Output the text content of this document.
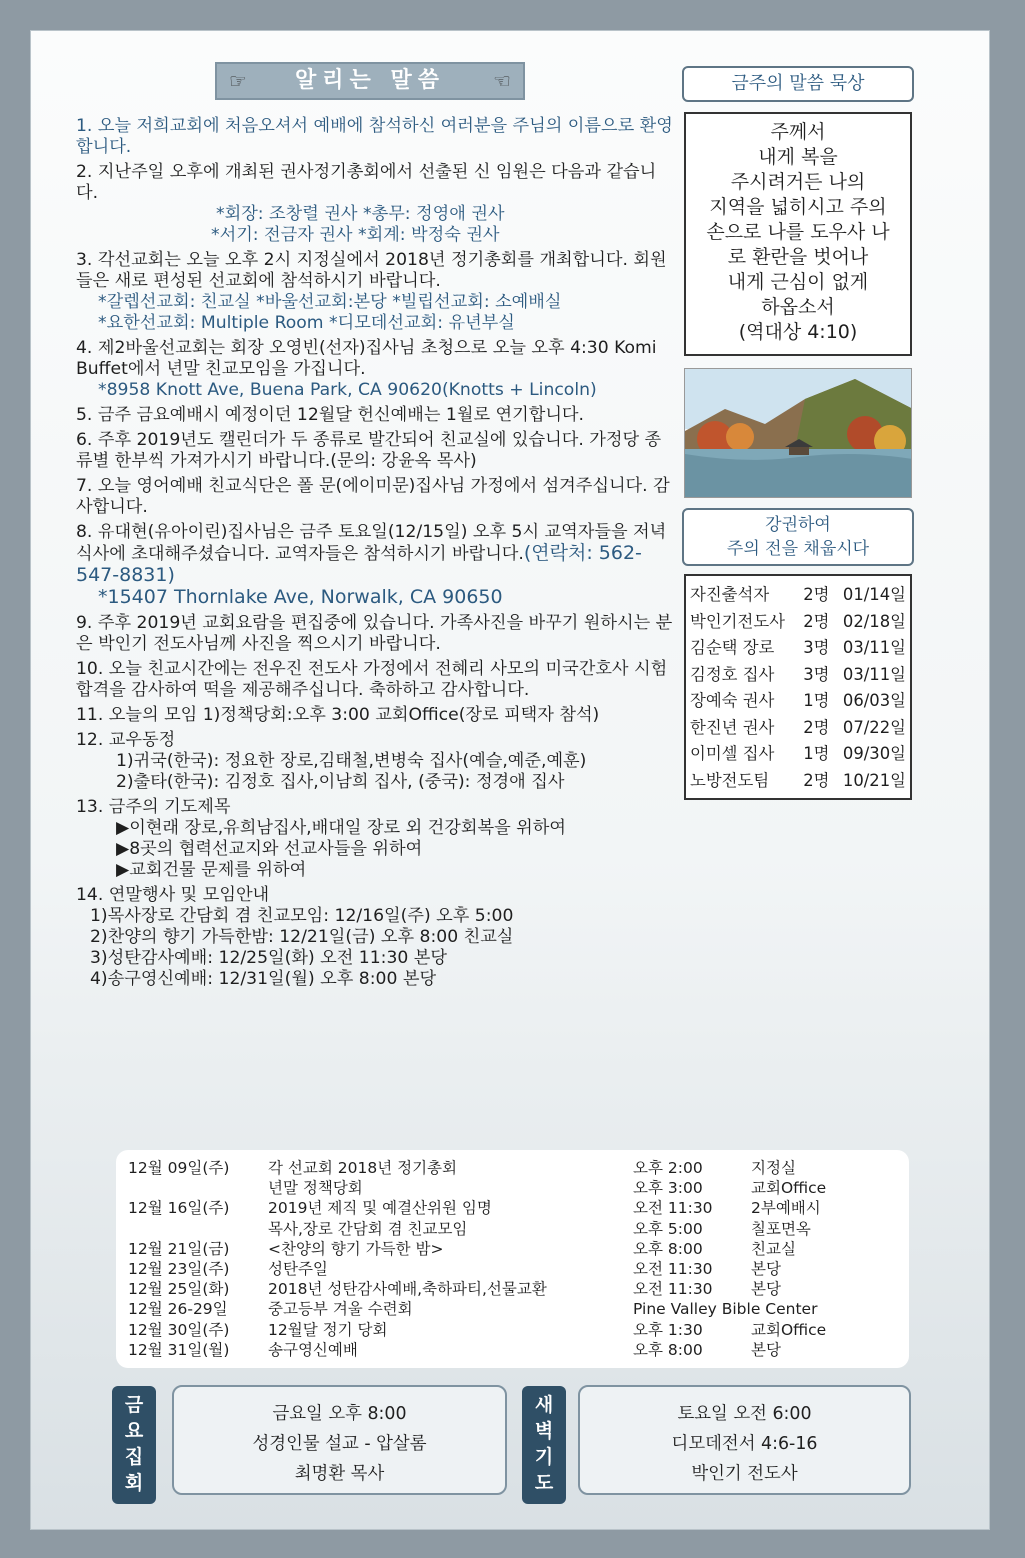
☞ 알리는 말씀 ☜

1. 오늘 저희교회에 처음오셔서 예배에 참석하신 여러분을 주님의 이름으로 환영합니다.

2. 지난주일 오후에 개최된 권사정기총회에서 선출된 신 임원은 다음과 같습니다.
*회장: 조창렬 권사 *총무: 정영애 권사
*서기: 전금자 권사 *회계: 박정숙 권사

3. 각선교회는 오늘 오후 2시 지정실에서 2018년 정기총회를 개최합니다. 회원들은 새로 편성된 선교회에 참석하시기 바랍니다.
*갈렙선교회: 친교실 *바울선교회:본당 *빌립선교회: 소예배실
*요한선교회: Multiple Room *디모데선교회: 유년부실

4. 제2바울선교회는 회장 오영빈(선자)집사님 초청으로 오늘 오후 4:30 Komi Buffet에서 년말 친교모임을 가집니다.
*8958 Knott Ave, Buena Park, CA 90620(Knotts + Lincoln)

5. 금주 금요예배시 예정이던 12월달 헌신예배는 1월로 연기합니다.

6. 주후 2019년도 캘린더가 두 종류로 발간되어 친교실에 있습니다. 가정당 종류별 한부씩 가져가시기 바랍니다.(문의: 강윤옥 목사)

7. 오늘 영어예배 친교식단은 폴 문(에이미문)집사님 가정에서 섬겨주십니다. 감사합니다.

8. 유대현(유아이린)집사님은 금주 토요일(12/15일) 오후 5시 교역자들을 저녁식사에 초대해주셨습니다. 교역자들은 참석하시기 바랍니다.(연락처: 562-547-8831)
*15407 Thornlake Ave, Norwalk, CA 90650

9. 주후 2019년 교회요람을 편집중에 있습니다. 가족사진을 바꾸기 원하시는 분은 박인기 전도사님께 사진을 찍으시기 바랍니다.

10. 오늘 친교시간에는 전우진 전도사 가정에서 전혜리 사모의 미국간호사 시험 합격을 감사하여 떡을 제공해주십니다. 축하하고 감사합니다.

11. 오늘의 모임 1)정책당회:오후 3:00 교회Office(장로 피택자 참석)

12. 교우동정
1)귀국(한국): 정요한 장로,김태철,변병숙 집사(예슬,예준,예훈)
2)출타(한국): 김정호 집사,이남희 집사, (중국): 정경애 집사

13. 금주의 기도제목
▶이현래 장로,유희남집사,배대일 장로 외 건강회복을 위하여
▶8곳의 협력선교지와 선교사들을 위하여
▶교회건물 문제를 위하여

14. 연말행사 및 모임안내
1)목사장로 간담회 겸 친교모임: 12/16일(주) 오후 5:00
2)찬양의 향기 가득한밤: 12/21일(금) 오후 8:00 친교실
3)성탄감사예배: 12/25일(화) 오전 11:30 본당
4)송구영신예배: 12/31일(월) 오후 8:00 본당

금주의 말씀 묵상
주께서
내게 복을
주시려거든 나의
지역을 넓히시고 주의
손으로 나를 도우사 나
로 환란을 벗어나
내게 근심이 없게
하옵소서
(역대상 4:10)
강권하여
주의 전을 채웁시다
자진출석자	2명 01/14일
박인기전도사	2명 02/18일
김순택 장로	3명 03/11일
김정호 집사	3명 03/11일
장예숙 권사	1명 06/03일
한진년 권사	2명 07/22일
이미셀 집사	1명 09/30일
노방전도팀	2명 10/21일
12월 09일(주)	각 선교회 2018년 정기총회	오후 2:00	지정실
년말 정책당회	오후 3:00	교회Office
12월 16일(주)	2019년 제직 및 예결산위원 임명	오전 11:30	2부예배시
목사,장로 간담회 겸 친교모임	오후 5:00	칠포면옥
12월 21일(금)	<찬양의 향기 가득한 밤>	오후 8:00	친교실
12월 23일(주)	성탄주일	오전 11:30	본당
12월 25일(화)	2018년 성탄감사예배,축하파티,선물교환	오전 11:30	본당
12월 26-29일	중고등부 겨울 수련회	Pine Valley Bible Center
12월 30일(주)	12월달 정기 당회	오후 1:30	교회Office
12월 31일(월)	송구영신예배	오후 8:00	본당
금요집회
금요일 오후 8:00
성경인물 설교 - 압살롬
최명환 목사
새벽기도
토요일 오전 6:00
디모데전서 4:6-16
박인기 전도사
